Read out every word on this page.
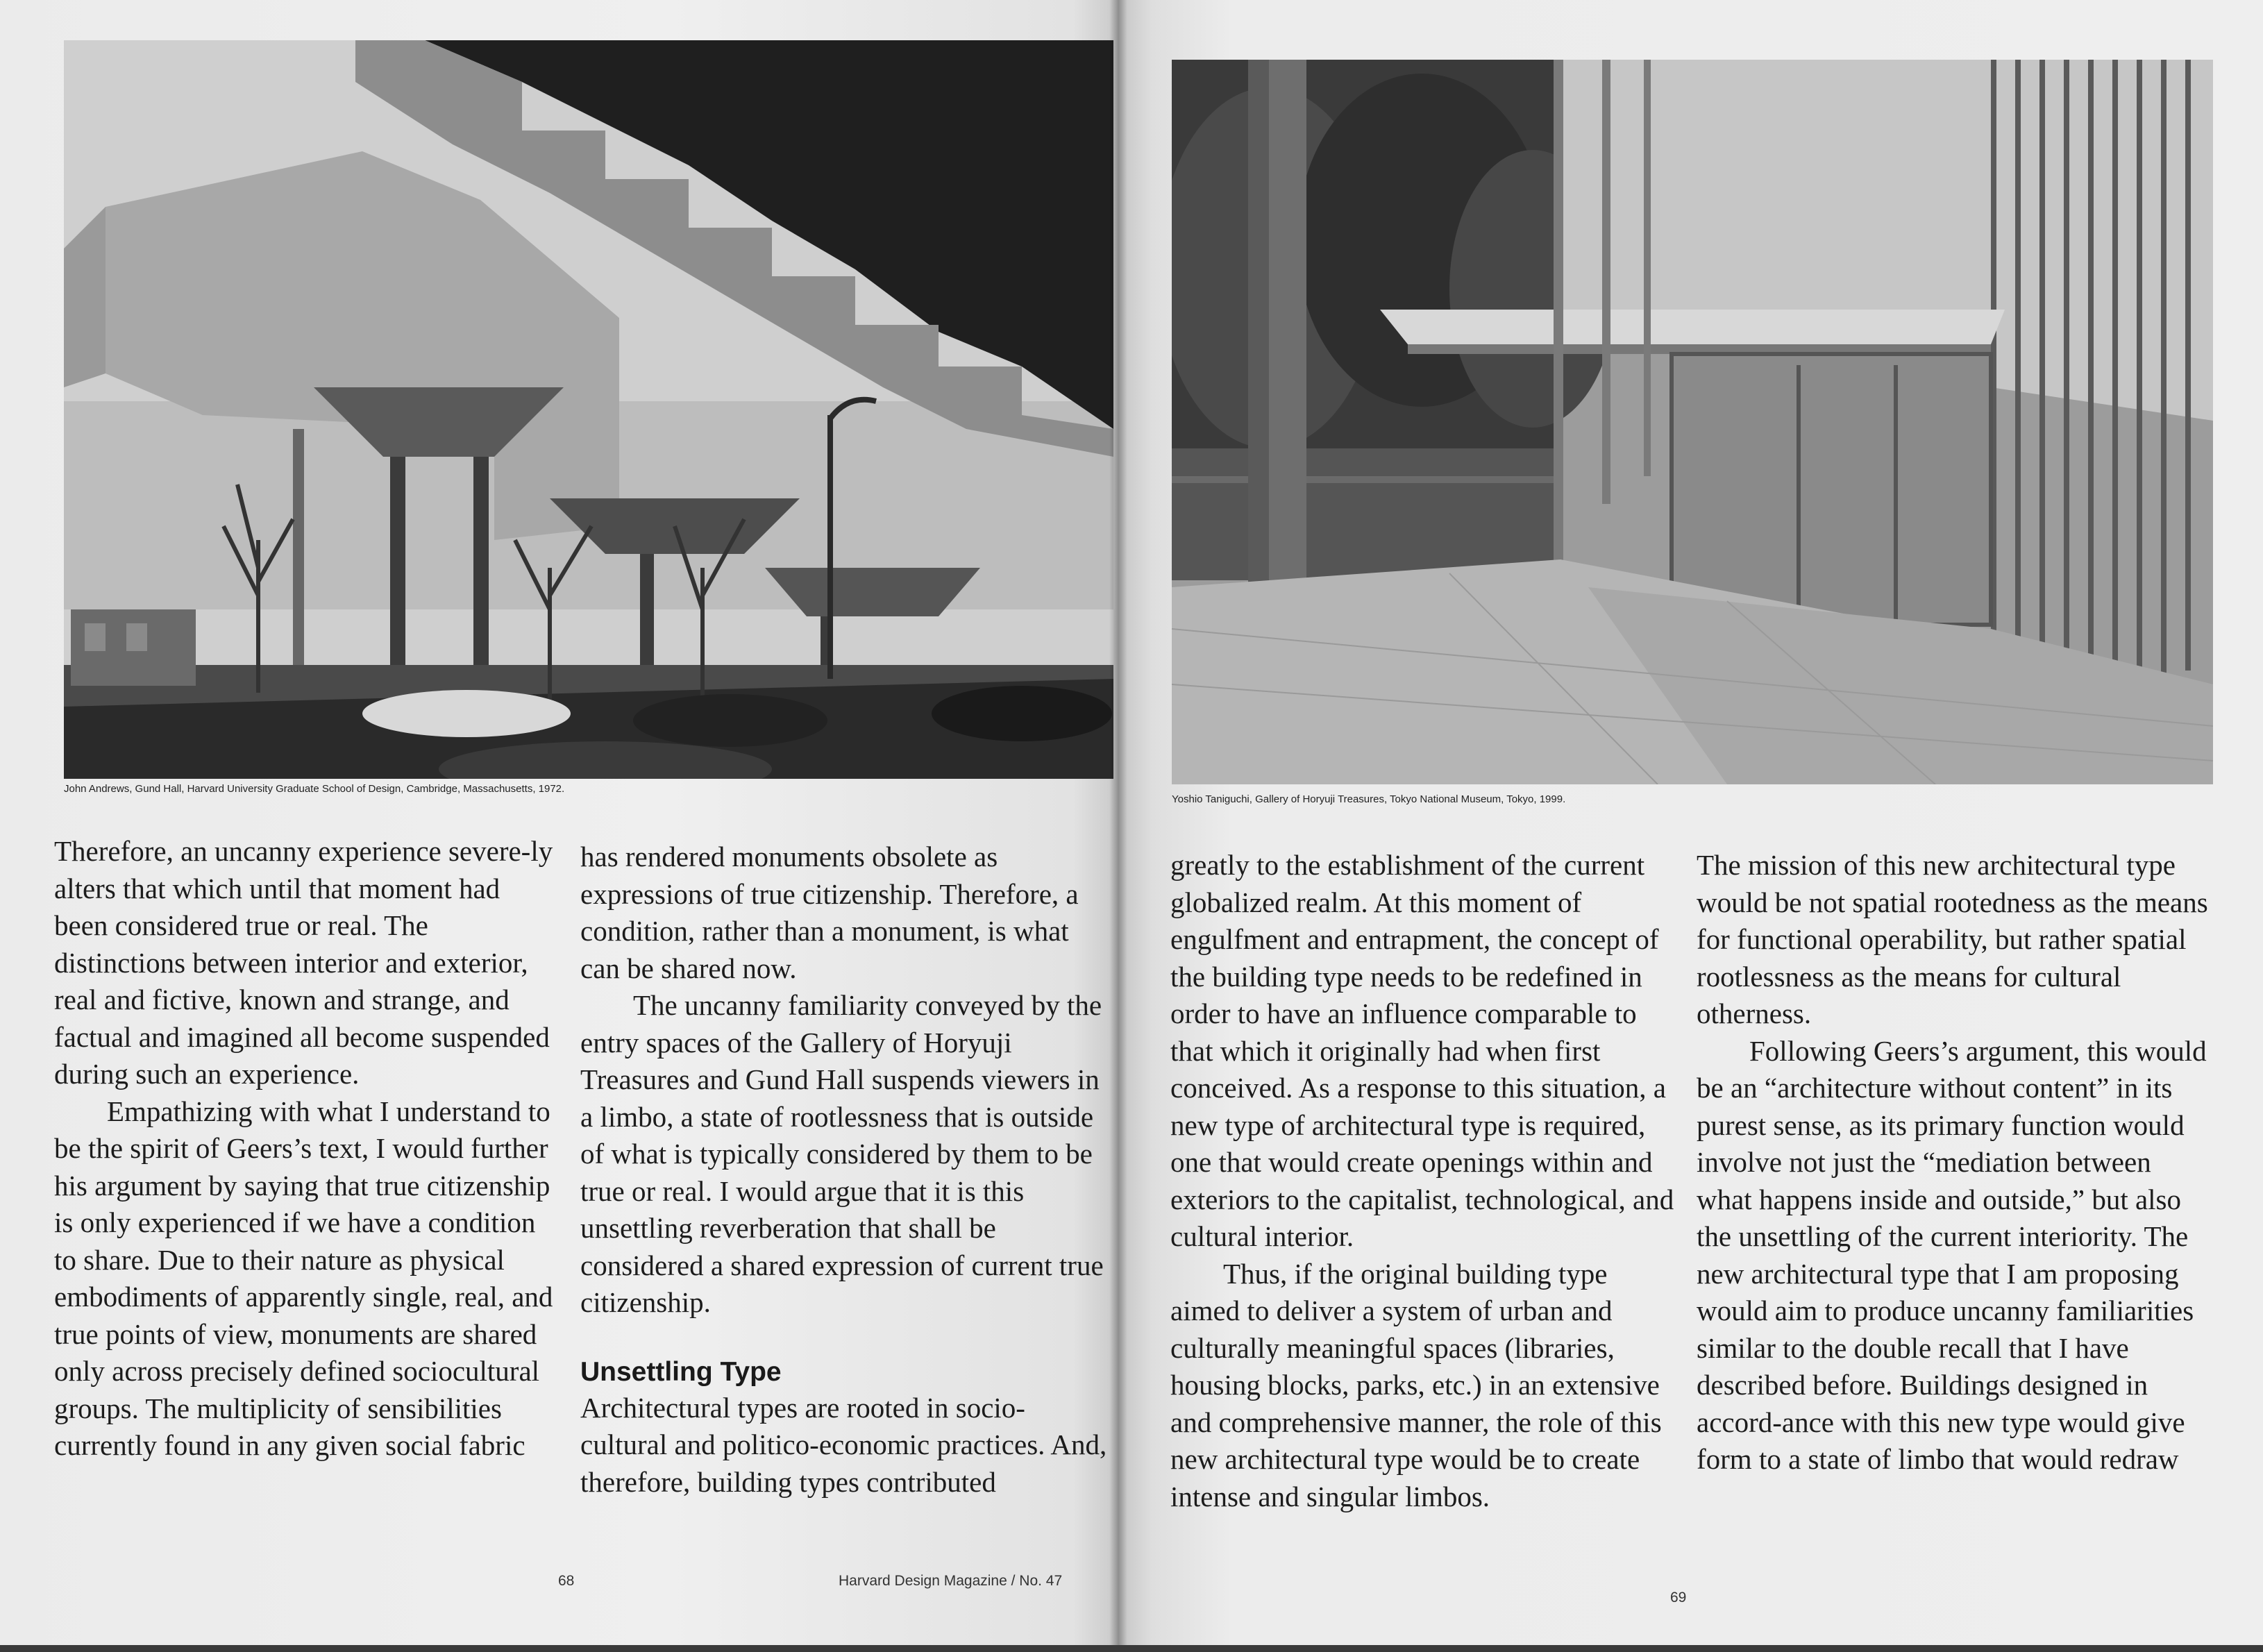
John Andrews, Gund Hall, Harvard University Graduate School of Design, Cambridge, Massachusetts, 1972.

Therefore, an uncanny experience severe-ly alters that which until that moment had been considered true or real. The distinctions between interior and exterior, real and fictive, known and strange, and factual and imagined all become suspended during such an experience.

Empathizing with what I understand to be the spirit of Geers’s text, I would further his argument by saying that true citizenship is only experienced if we have a condition to share. Due to their nature as physical embodiments of apparently single, real, and true points of view, monuments are shared only across precisely defined sociocultural groups. The multiplicity of sensibilities currently found in any given social fabric

has rendered monuments obsolete as expressions of true citizenship. Therefore, a condition, rather than a monument, is what can be shared now.

The uncanny familiarity conveyed by the entry spaces of the Gallery of Horyuji Treasures and Gund Hall suspends viewers in a limbo, a state of rootlessness that is outside of what is typically considered by them to be true or real. I would argue that it is this unsettling reverberation that shall be considered a shared expression of current true citizenship.

Unsettling Type

Architectural types are rooted in socio-cultural and politico-economic practices. And, therefore, building types contributed

68	Harvard Design Magazine / No. 47
Yoshio Taniguchi, Gallery of Horyuji Treasures, Tokyo National Museum, Tokyo, 1999.

greatly to the establishment of the current globalized realm. At this moment of engulfment and entrapment, the concept of the building type needs to be redefined in order to have an influence comparable to that which it originally had when first conceived. As a response to this situation, a new type of architectural type is required, one that would create openings within and exteriors to the capitalist, technological, and cultural interior.

Thus, if the original building type aimed to deliver a system of urban and culturally meaningful spaces (libraries, housing blocks, parks, etc.) in an extensive and comprehensive manner, the role of this new architectural type would be to create intense and singular limbos.

The mission of this new architectural type would be not spatial rootedness as the means for functional operability, but rather spatial rootlessness as the means for cultural otherness.

Following Geers’s argument, this would be an “architecture without content” in its purest sense, as its primary function would involve not just the “mediation between what happens inside and outside,” but also the unsettling of the current interiority. The new architectural type that I am proposing would aim to produce uncanny familiarities similar to the double recall that I have described before. Buildings designed in accord-ance with this new type would give form to a state of limbo that would redraw

69
